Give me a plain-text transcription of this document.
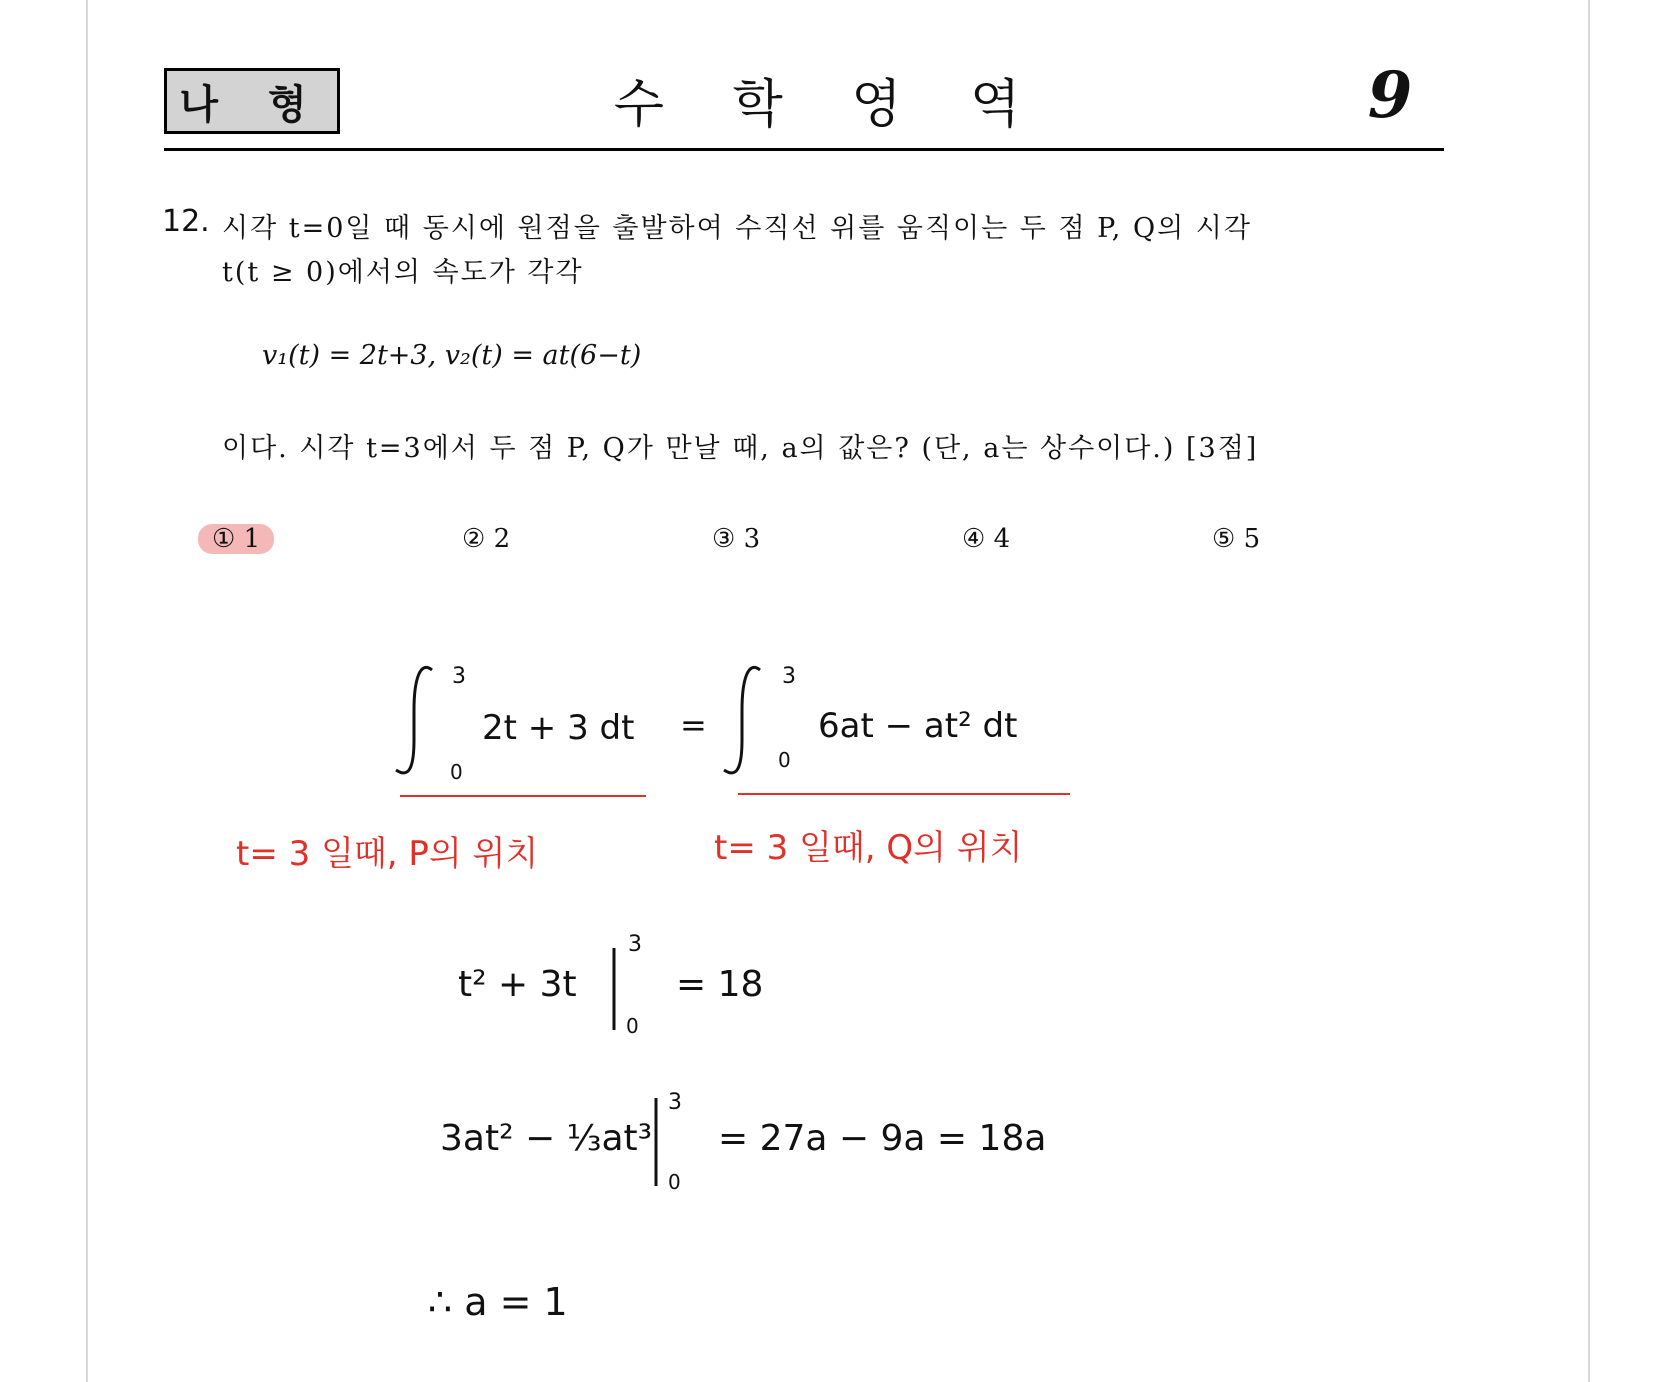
나 형	수 학 영 역	9
12. 시각 t=0일 때 동시에 원점을 출발하여 수직선 위를 움직이는 두 점 P, Q의 시각
t(t ≥ 0)에서의 속도가 각각
v₁(t) = 2t+3, v₂(t) = at(6−t)
이다. 시각 t=3에서 두 점 P, Q가 만날 때, a의 값은? (단, a는 상수이다.) [3점]
① 1	② 2	③ 3	④ 4	⑤ 5
3
0
2t + 3 dt =
3
0
6at − at² dt
t= 3 일때, P의 위치	t= 3 일때, Q의 위치
t² + 3t
3
0
= 18
3at² − ⅓at³
3
0
= 27a − 9a = 18a
∴ a = 1
